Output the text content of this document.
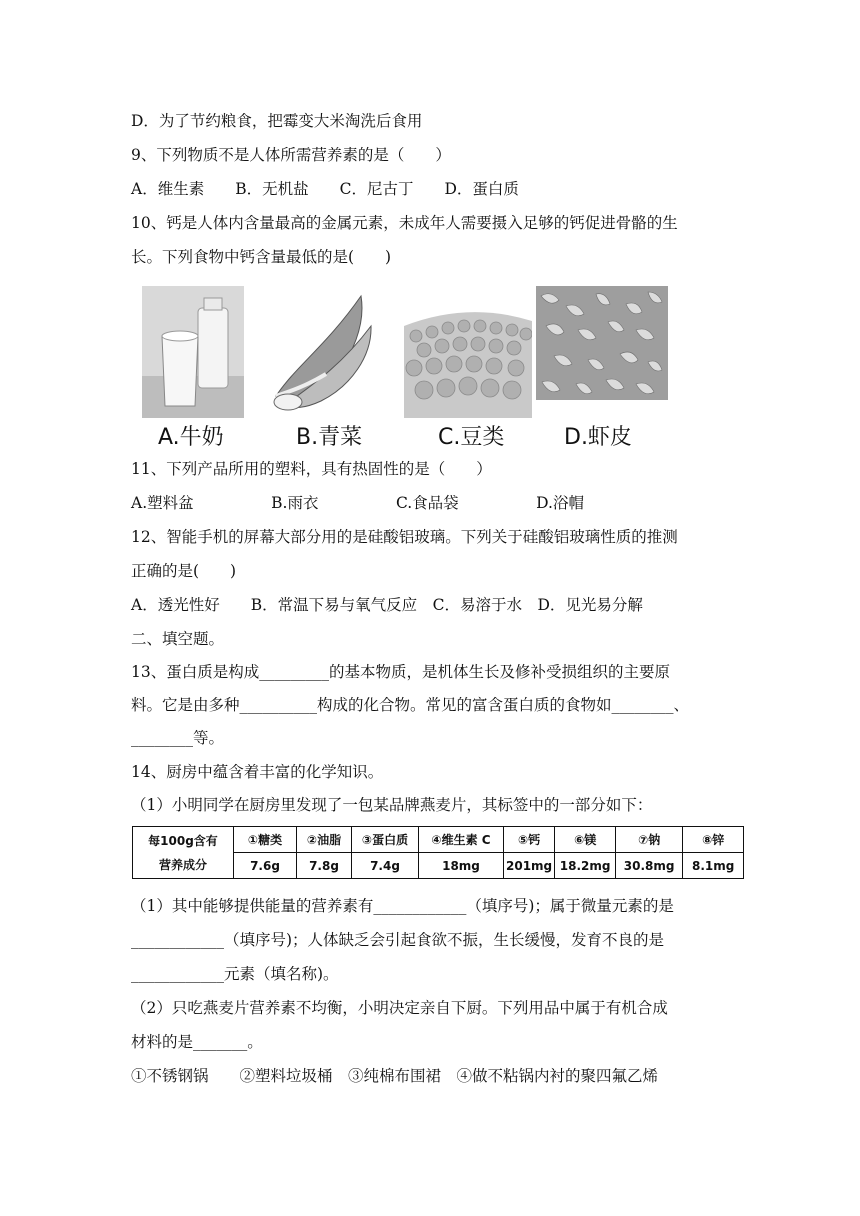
D．为了节约粮食，把霉变大米淘洗后食用
9、下列物质不是人体所需营养素的是（　　）
A．维生素　　B．无机盐　　C．尼古丁　　D．蛋白质
10、钙是人体内含量最高的金属元素，未成年人需要摄入足够的钙促进骨骼的生
长。下列食物中钙含量最低的是(　　)
A.牛奶	B.青菜	C.豆类	D.虾皮
11、下列产品所用的塑料，具有热固性的是（　　）
A.塑料盆　　　　　B.雨衣　　　　　C.食品袋　　　　　D.浴帽
12、智能手机的屏幕大部分用的是硅酸铝玻璃。下列关于硅酸铝玻璃性质的推测
正确的是(　　)
A．透光性好　　B．常温下易与氧气反应　C．易溶于水　D．见光易分解
二、填空题。
13、蛋白质是构成_________的基本物质，是机体生长及修补受损组织的主要原
料。它是由多种__________构成的化合物。常见的富含蛋白质的食物如________、
________等。
14、厨房中蕴含着丰富的化学知识。
（1）小明同学在厨房里发现了一包某品牌燕麦片，其标签中的一部分如下：
每100g含有
营养成分	①糖类	②油脂	③蛋白质	④维生素 C	⑤钙	⑥镁	⑦钠	⑧锌
	7.6g	7.8g	7.4g	18mg	201mg	18.2mg	30.8mg	8.1mg
（1）其中能够提供能量的营养素有____________（填序号)；属于微量元素的是
____________（填序号)；人体缺乏会引起食欲不振，生长缓慢，发育不良的是
____________元素（填名称)。
（2）只吃燕麦片营养素不均衡，小明决定亲自下厨。下列用品中属于有机合成
材料的是_______。
①不锈钢锅　　②塑料垃圾桶　③纯棉布围裙　④做不粘锅内衬的聚四氟乙烯
